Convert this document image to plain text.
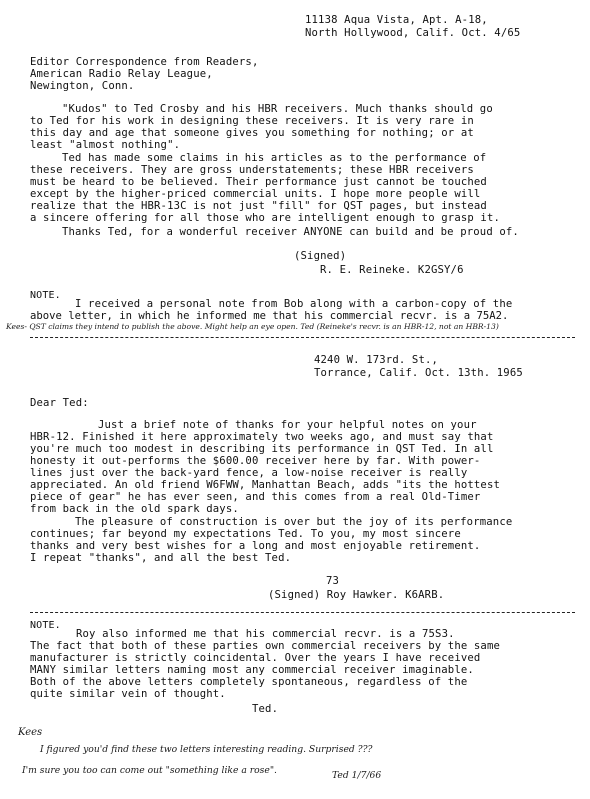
11138 Aqua Vista, Apt. A-18,
North Hollywood, Calif. Oct. 4/65
Editor Correspondence from Readers,
American Radio Relay League,
Newington, Conn.
"Kudos" to Ted Crosby and his HBR receivers. Much thanks should go
to Ted for his work in designing these receivers. It is very rare in
this day and age that someone gives you something for nothing; or at
least "almost nothing".
Ted has made some claims in his articles as to the performance of
these receivers. They are gross understatements; these HBR receivers
must be heard to be believed. Their performance just cannot be touched
except by the higher-priced commercial units. I hope more people will
realize that the HBR-13C is not just "fill" for QST pages, but instead
a sincere offering for all those who are intelligent enough to grasp it.
Thanks Ted, for a wonderful receiver ANYONE can build and be proud of.
(Signed)
R. E. Reineke. K2GSY/6
NOTE.
I received a personal note from Bob along with a carbon-copy of the
above letter, in which he informed me that his commercial recvr. is a 75A2.
Kees- QST claims they intend to publish the above. Might help an eye open. Ted (Reineke's recvr. is an HBR-12, not an HBR-13)
4240 W. 173rd. St.,
Torrance, Calif. Oct. 13th. 1965
Dear Ted:
Just a brief note of thanks for your helpful notes on your
HBR-12. Finished it here approximately two weeks ago, and must say that
you're much too modest in describing its performance in QST Ted. In all
honesty it out-performs the $600.00 receiver here by far. With power-
lines just over the back-yard fence, a low-noise receiver is really
appreciated. An old friend W6FWW, Manhattan Beach, adds "its the hottest
piece of gear" he has ever seen, and this comes from a real Old-Timer
from back in the old spark days.
The pleasure of construction is over but the joy of its performance
continues; far beyond my expectations Ted. To you, my most sincere
thanks and very best wishes for a long and most enjoyable retirement.
I repeat "thanks", and all the best Ted.
73
(Signed) Roy Hawker. K6ARB.
NOTE.
Roy also informed me that his commercial recvr. is a 75S3.
The fact that both of these parties own commercial receivers by the same
manufacturer is strictly coincidental. Over the years I have received
MANY similar letters naming most any commercial receiver imaginable.
Both of the above letters completely spontaneous, regardless of the
quite similar vein of thought.
Ted.
Kees
I figured you'd find these two letters interesting reading. Surprised ???
I'm sure you too can come out "something like a rose".	Ted 1/7/66
